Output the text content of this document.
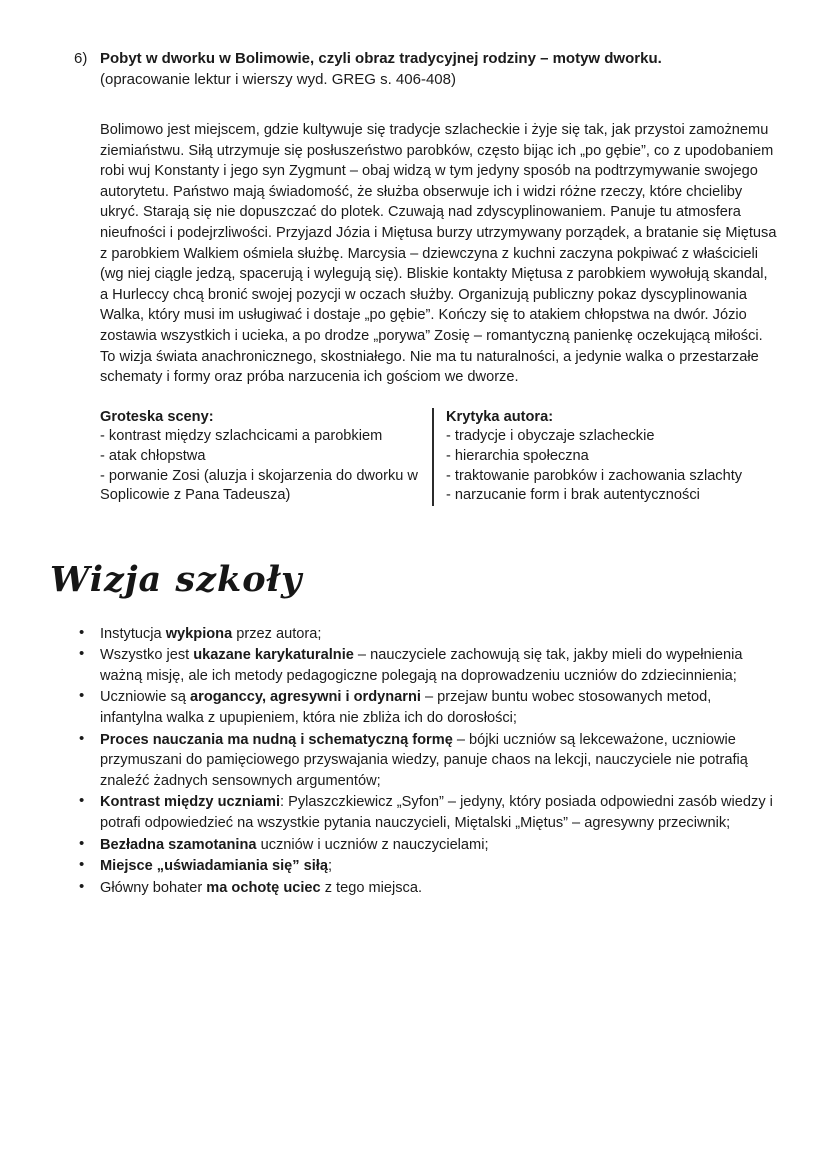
6) Pobyt w dworku w Bolimowie, czyli obraz tradycyjnej rodziny – motyw dworku.
(opracowanie lektur i wierszy wyd. GREG s. 406-408)
Bolimowo jest miejscem, gdzie kultywuje się tradycje szlacheckie i żyje się tak, jak przystoi zamożnemu ziemiaństwu. Siłą utrzymuje się posłuszeństwo parobków, często bijąc ich „po gębie”, co z upodobaniem robi wuj Konstanty i jego syn Zygmunt – obaj widzą w tym jedyny sposób na podtrzymywanie swojego autorytetu. Państwo mają świadomość, że służba obserwuje ich i widzi różne rzeczy, które chcieliby ukryć. Starają się nie dopuszczać do plotek. Czuwają nad zdyscyplinowaniem. Panuje tu atmosfera nieufności i podejrzliwości. Przyjazd Józia i Miętusa burzy utrzymywany porządek, a bratanie się Miętusa z parobkiem Walkiem ośmiela służbę. Marcysia – dziewczyna z kuchni zaczyna pokpiwać z właścicieli (wg niej ciągle jedzą, spacerują i wylegują się). Bliskie kontakty Miętusa z parobkiem wywołują skandal, a Hurleccy chcą bronić swojej pozycji w oczach służby. Organizują publiczny pokaz dyscyplinowania Walka, który musi im usługiwać i dostaje „po gębie”. Kończy się to atakiem chłopstwa na dwór. Józio zostawia wszystkich i ucieka, a po drodze „porywa” Zosię – romantyczną panienkę oczekującą miłości.
To wizja świata anachronicznego, skostniałego. Nie ma tu naturalności, a jedynie walka o przestarzałe schematy i formy oraz próba narzucenia ich gościom we dworze.
Groteska sceny:
- kontrast między szlachcicami a parobkiem
- atak chłopstwa
- porwanie Zosi (aluzja i skojarzenia do dworku w Soplicowie z Pana Tadeusza)
Krytyka autora:
- tradycje i obyczaje szlacheckie
- hierarchia społeczna
- traktowanie parobków i zachowania szlachty
- narzucanie form i brak autentyczności
Wizja szkoły
• Instytucja wykpiona przez autora;
• Wszystko jest ukazane karykaturalnie – nauczyciele zachowują się tak, jakby mieli do wypełnienia ważną misję, ale ich metody pedagogiczne polegają na doprowadzeniu uczniów do zdziecinnienia;
• Uczniowie są aroganccy, agresywni i ordynarni – przejaw buntu wobec stosowanych metod, infantylna walka z upupieniem, która nie zbliża ich do dorosłości;
• Proces nauczania ma nudną i schematyczną formę – bójki uczniów są lekceważone, uczniowie przymuszani do pamięciowego przyswajania wiedzy, panuje chaos na lekcji, nauczyciele nie potrafią znaleźć żadnych sensownych argumentów;
• Kontrast między uczniami: Pylaszczkiewicz „Syfon” – jedyny, który posiada odpowiedni zasób wiedzy i potrafi odpowiedzieć na wszystkie pytania nauczycieli, Miętalski „Miętus” – agresywny przeciwnik;
• Bezładna szamotanina uczniów i uczniów z nauczycielami;
• Miejsce „uświadamiania się” siłą;
• Główny bohater ma ochotę uciec z tego miejsca.
